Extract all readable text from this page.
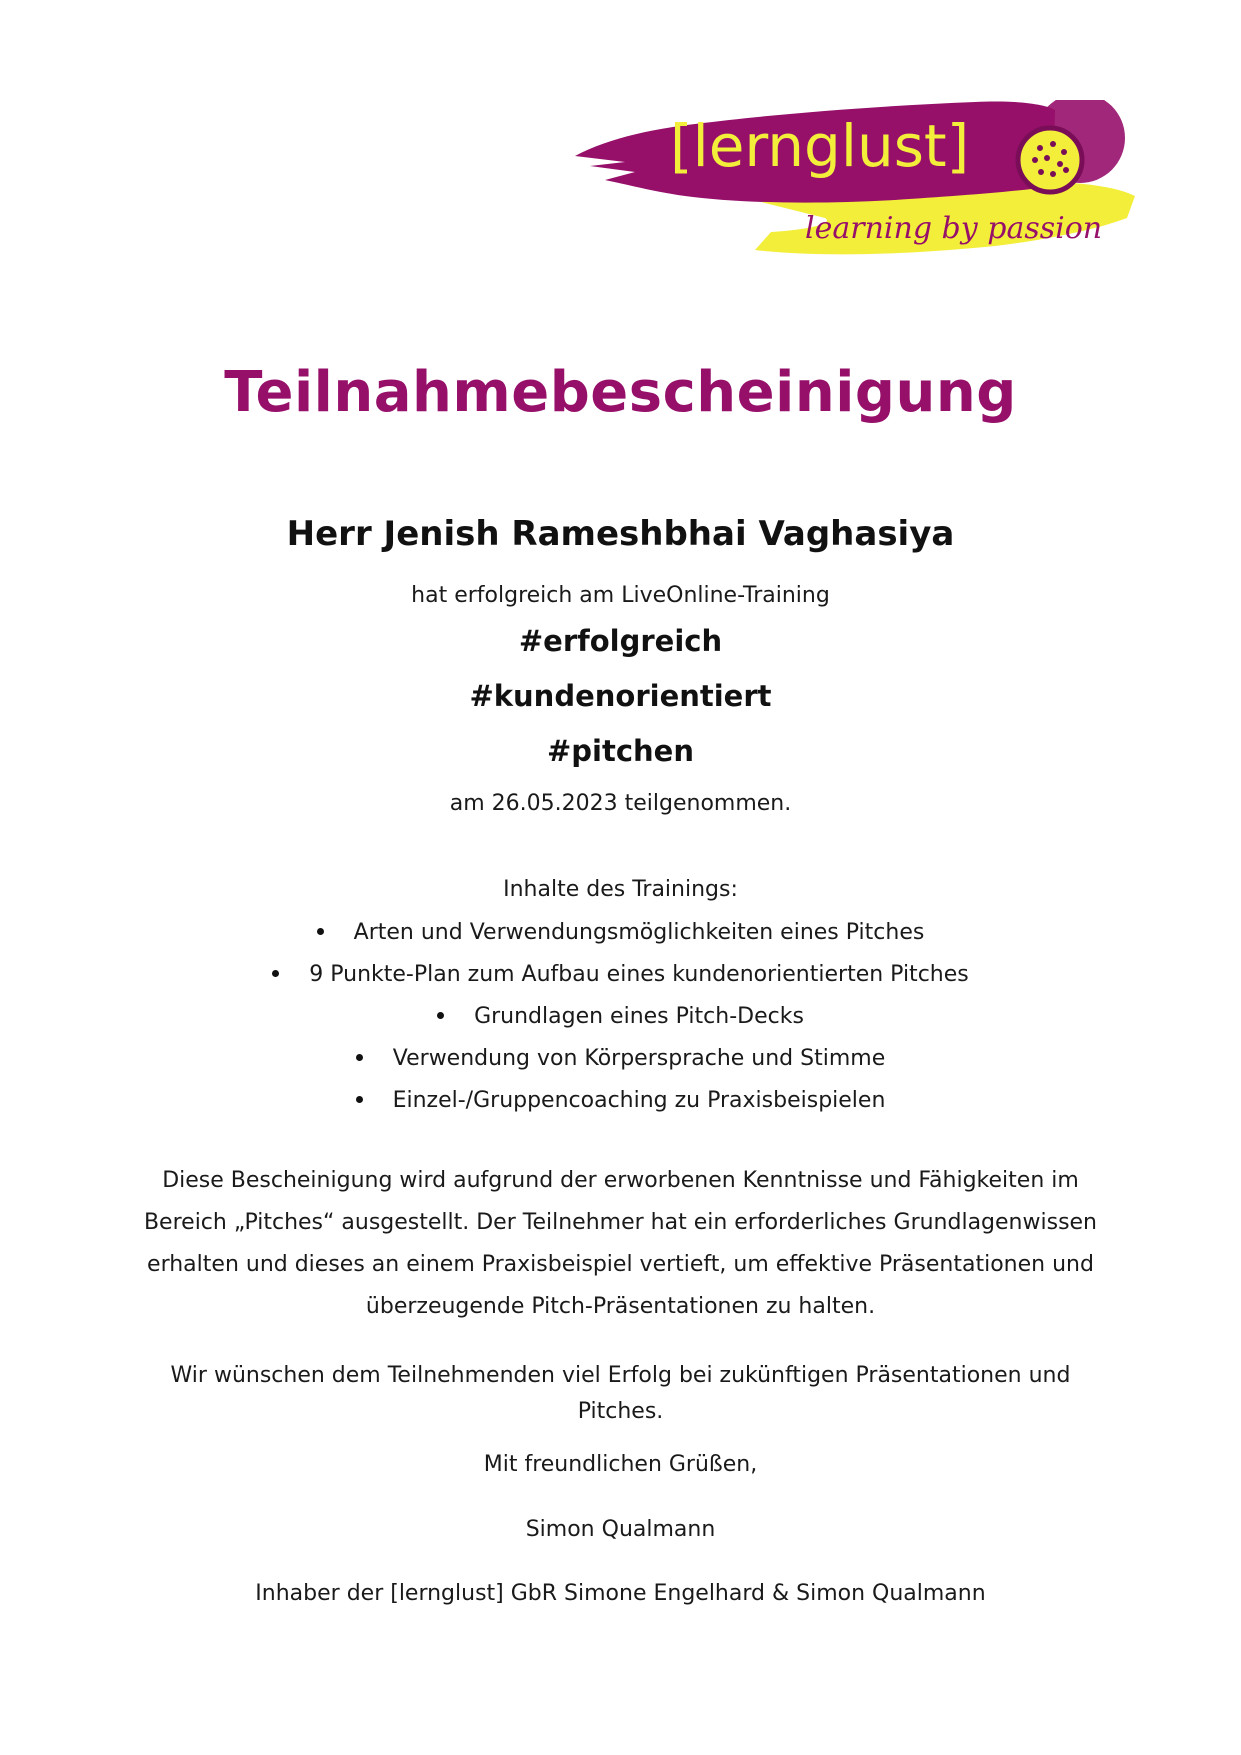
[lernglust]
learning by passion
Teilnahmebescheinigung
Herr Jenish Rameshbhai Vaghasiya
hat erfolgreich am LiveOnline-Training
#erfolgreich
#kundenorientiert
#pitchen
am 26.05.2023 teilgenommen.
Inhalte des Trainings:
Arten und Verwendungsmöglichkeiten eines Pitches
9 Punkte-Plan zum Aufbau eines kundenorientierten Pitches
Grundlagen eines Pitch-Decks
Verwendung von Körpersprache und Stimme
Einzel-/Gruppencoaching zu Praxisbeispielen
Diese Bescheinigung wird aufgrund der erworbenen Kenntnisse und Fähigkeiten im
Bereich „Pitches“ ausgestellt. Der Teilnehmer hat ein erforderliches Grundlagenwissen
erhalten und dieses an einem Praxisbeispiel vertieft, um effektive Präsentationen und
überzeugende Pitch-Präsentationen zu halten.
Wir wünschen dem Teilnehmenden viel Erfolg bei zukünftigen Präsentationen und
Pitches.
Mit freundlichen Grüßen,
Simon Qualmann
Inhaber der [lernglust] GbR Simone Engelhard & Simon Qualmann
